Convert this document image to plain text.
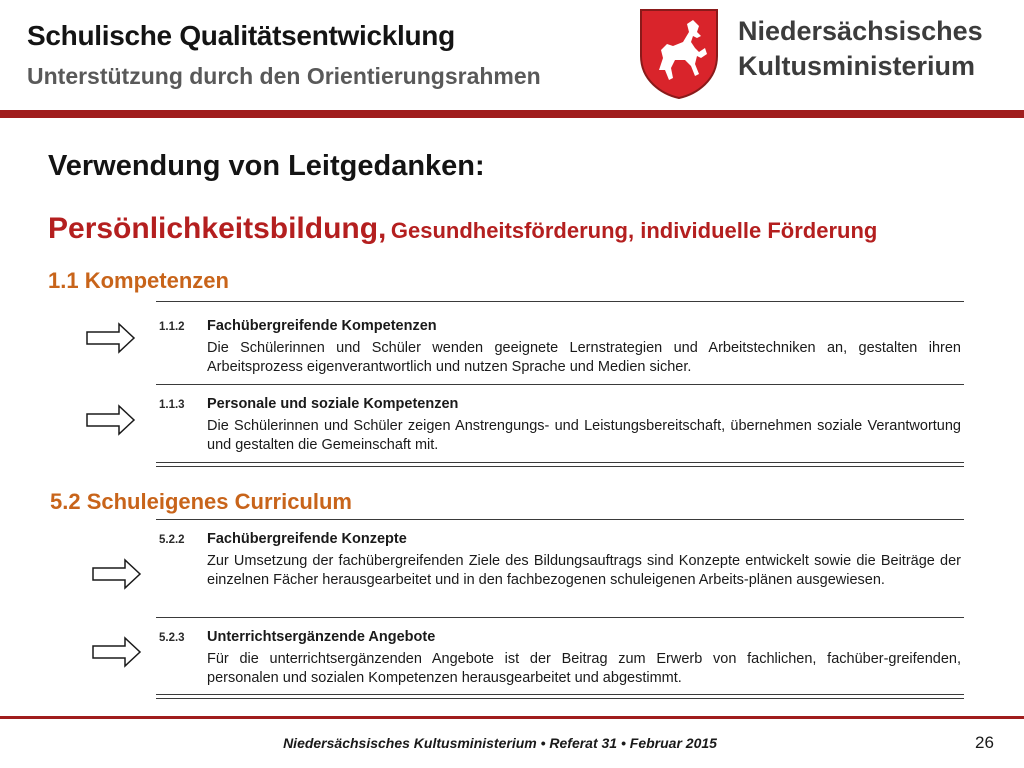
Schulische Qualitätsentwicklung
Unterstützung durch den Orientierungsrahmen
Niedersächsisches
Kultusministerium
Verwendung von Leitgedanken:
Persönlichkeitsbildung, Gesundheitsförderung, individuelle Förderung
1.1 Kompetenzen
1.1.2 Fachübergreifende Kompetenzen
Die Schülerinnen und Schüler wenden geeignete Lernstrategien und Arbeitstechniken an, gestalten ihren Arbeitsprozess eigenverantwortlich und nutzen Sprache und Medien sicher.
1.1.3 Personale und soziale Kompetenzen
Die Schülerinnen und Schüler zeigen Anstrengungs- und Leistungsbereitschaft, übernehmen soziale Verantwortung und gestalten die Gemeinschaft mit.
5.2 Schuleigenes Curriculum
5.2.2 Fachübergreifende Konzepte
Zur Umsetzung der fachübergreifenden Ziele des Bildungsauftrags sind Konzepte entwickelt sowie die Beiträge der einzelnen Fächer herausgearbeitet und in den fachbezogenen schuleigenen Arbeits-plänen ausgewiesen.
5.2.3 Unterrichtsergänzende Angebote
Für die unterrichtsergänzenden Angebote ist der Beitrag zum Erwerb von fachlichen, fachüber-greifenden, personalen und sozialen Kompetenzen herausgearbeitet und abgestimmt.
Niedersächsisches Kultusministerium • Referat 31 • Februar 2015	26
